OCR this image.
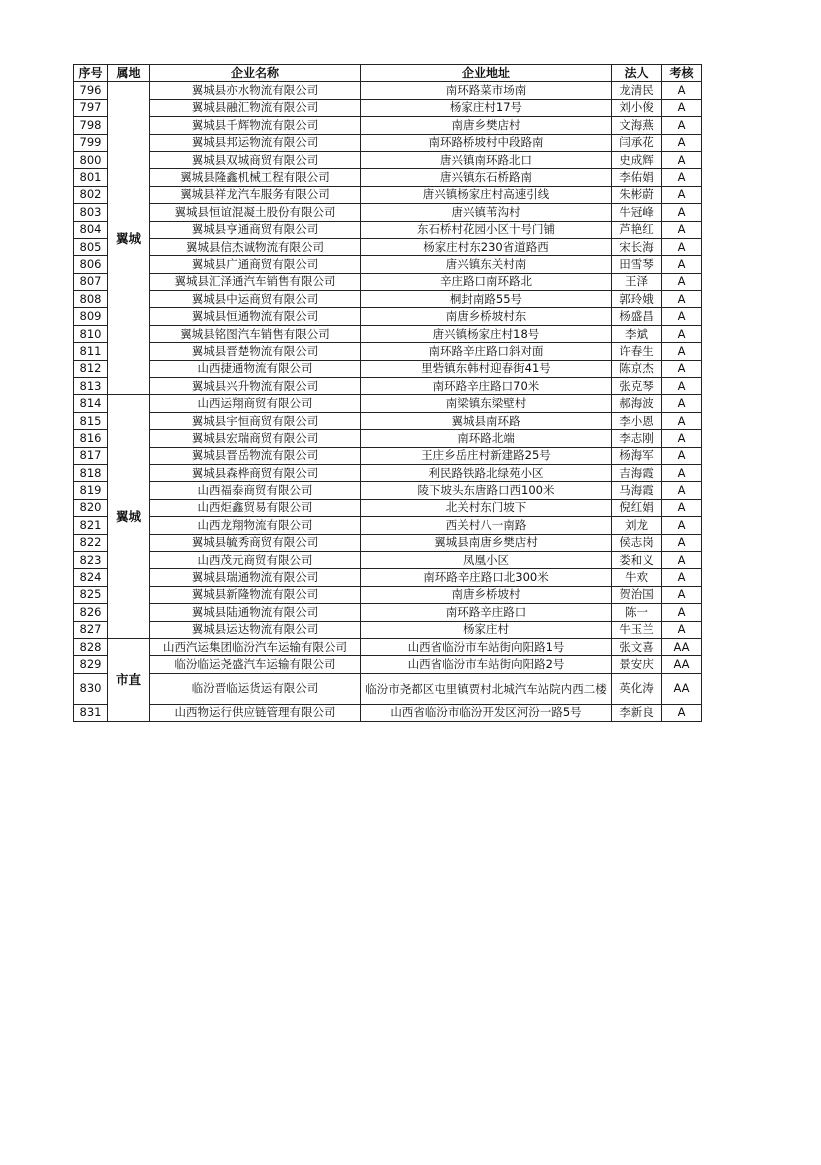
序号	属地	企业名称	企业地址	法人	考核
796	翼城	翼城县亦水物流有限公司	南环路菜市场南	龙清民	A
797		翼城县融汇物流有限公司	杨家庄村17号	刘小俊	A
798		翼城县千辉物流有限公司	南唐乡樊店村	文海燕	A
799		翼城县邦运物流有限公司	南环路桥坡村中段路南	闫承花	A
800		翼城县双城商贸有限公司	唐兴镇南环路北口	史成辉	A
801		翼城县隆鑫机械工程有限公司	唐兴镇东石桥路南	李佑娟	A
802		翼城县祥龙汽车服务有限公司	唐兴镇杨家庄村高速引线	朱彬蔚	A
803		翼城县恒谊混凝土股份有限公司	唐兴镇苇沟村	牛冠峰	A
804		翼城县亨通商贸有限公司	东石桥村花园小区十号门铺	芦艳红	A
805		翼城县信杰诚物流有限公司	杨家庄村东230省道路西	宋长海	A
806		翼城县广通商贸有限公司	唐兴镇东关村南	田雪琴	A
807		翼城县汇泽通汽车销售有限公司	辛庄路口南环路北	王泽	A
808		翼城县中运商贸有限公司	桐封南路55号	郭玲娥	A
809		翼城县恒通物流有限公司	南唐乡桥坡村东	杨盛昌	A
810		翼城县铭图汽车销售有限公司	唐兴镇杨家庄村18号	李斌	A
811		翼城县晋楚物流有限公司	南环路辛庄路口斜对面	许春生	A
812		山西捷通物流有限公司	里砦镇东韩村迎春街41号	陈京杰	A
813		翼城县兴升物流有限公司	南环路辛庄路口70米	张克琴	A
814	翼城	山西运翔商贸有限公司	南梁镇东梁壁村	郝海波	A
815		翼城县宇恒商贸有限公司	翼城县南环路	李小恩	A
816		翼城县宏瑞商贸有限公司	南环路北端	李志刚	A
817		翼城县晋岳物流有限公司	王庄乡岳庄村新建路25号	杨海军	A
818		翼城县森桦商贸有限公司	利民路铁路北绿苑小区	吉海霞	A
819		山西福泰商贸有限公司	陵下坡头东唐路口西100米	马海霞	A
820		山西炬鑫贸易有限公司	北关村东门坡下	倪红娟	A
821		山西龙翔物流有限公司	西关村八一南路	刘龙	A
822		翼城县毓秀商贸有限公司	翼城县南唐乡樊店村	侯志岗	A
823		山西茂元商贸有限公司	凤凰小区	娄和义	A
824		翼城县瑞通物流有限公司	南环路辛庄路口北300米	牛欢	A
825		翼城县新隆物流有限公司	南唐乡桥坡村	贺治国	A
826		翼城县陆通物流有限公司	南环路辛庄路口	陈一	A
827		翼城县运达物流有限公司	杨家庄村	牛玉兰	A
828	市直	山西汽运集团临汾汽车运输有限公司	山西省临汾市车站街向阳路1号	张文喜	AA
829		临汾临运尧盛汽车运输有限公司	山西省临汾市车站街向阳路2号	景安庆	AA
830		临汾晋临运货运有限公司	临汾市尧都区屯里镇贾村北城汽车站院内西二楼	英化涛	AA
831		山西物运行供应链管理有限公司	山西省临汾市临汾开发区河汾一路5号	李新良	A
